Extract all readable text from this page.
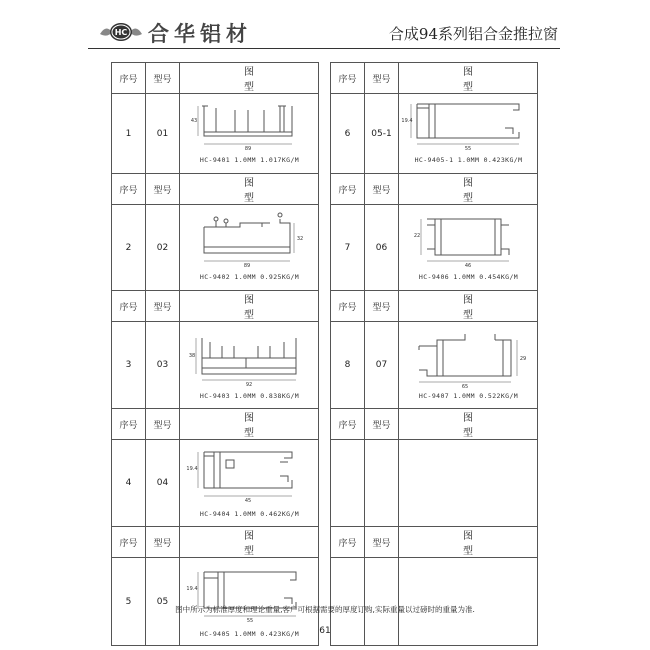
HC 合华铝材	合成94系列铝合金推拉窗
序号	型号	图型
1	01	89
43
HC-9401 1.0MM 1.017KG/M

序号	型号	图型
2	02	89
32
HC-9402 1.0MM 0.925KG/M

序号	型号	图型
3	03	92
38
HC-9403 1.0MM 0.838KG/M

序号	型号	图型
4	04	45
19.4
HC-9404 1.0MM 0.462KG/M

序号	型号	图型
5	05	55
19.4
HC-9405 1.0MM 0.423KG/M
序号	型号	图型
6	05-1	55
19.4
HC-9405-1 1.0MM 0.423KG/M

序号	型号	图型
7	06	46
22
HC-9406 1.0MM 0.454KG/M

序号	型号	图型
8	07	65
29
HC-9407 1.0MM 0.522KG/M

序号	型号	图型

序号	型号	图型

图中所示为标准厚度和理论重量,客户可根据需要的厚度订购,实际重量以过磅时的重量为准.
61
